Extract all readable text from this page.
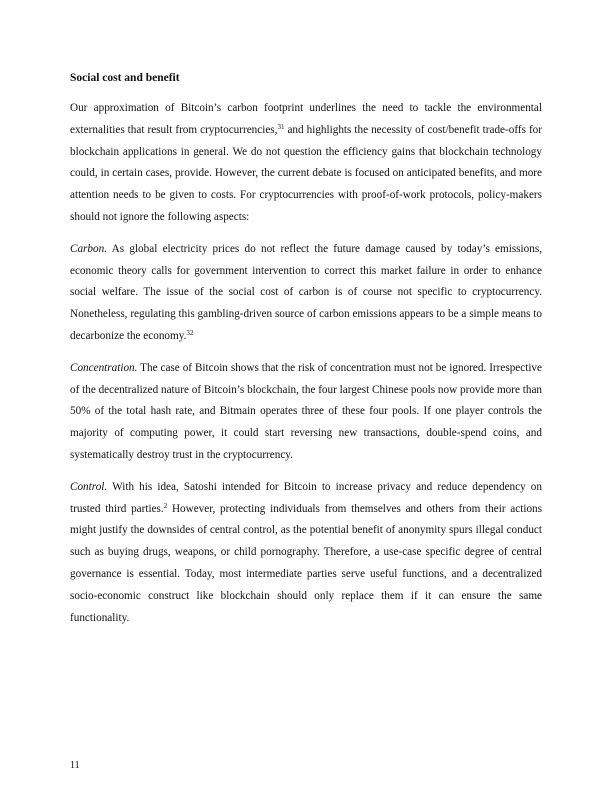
Social cost and benefit

Our approximation of Bitcoin’s carbon footprint underlines the need to tackle the environmental externalities that result from cryptocurrencies,$^{31}$ and highlights the necessity of cost/benefit trade-offs for blockchain applications in general. We do not question the efficiency gains that blockchain technology could, in certain cases, provide. However, the current debate is focused on anticipated benefits, and more attention needs to be given to costs. For cryptocurrencies with proof-of-work protocols, policy-makers should not ignore the following aspects:

Carbon. As global electricity prices do not reflect the future damage caused by today’s emissions, economic theory calls for government intervention to correct this market failure in order to enhance social welfare. The issue of the social cost of carbon is of course not specific to cryptocurrency. Nonetheless, regulating this gambling-driven source of carbon emissions appears to be a simple means to decarbonize the economy.$^{32}$

Concentration. The case of Bitcoin shows that the risk of concentration must not be ignored. Irrespective of the decentralized nature of Bitcoin’s blockchain, the four largest Chinese pools now provide more than 50% of the total hash rate, and Bitmain operates three of these four pools. If one player controls the majority of computing power, it could start reversing new transactions, double-spend coins, and systematically destroy trust in the cryptocurrency.

Control. With his idea, Satoshi intended for Bitcoin to increase privacy and reduce dependency on trusted third parties.$^2$ However, protecting individuals from themselves and others from their actions might justify the downsides of central control, as the potential benefit of anonymity spurs illegal conduct such as buying drugs, weapons, or child pornography. Therefore, a use-case specific degree of central governance is essential. Today, most intermediate parties serve useful functions, and a decentralized socio-economic construct like blockchain should only replace them if it can ensure the same functionality.

11
